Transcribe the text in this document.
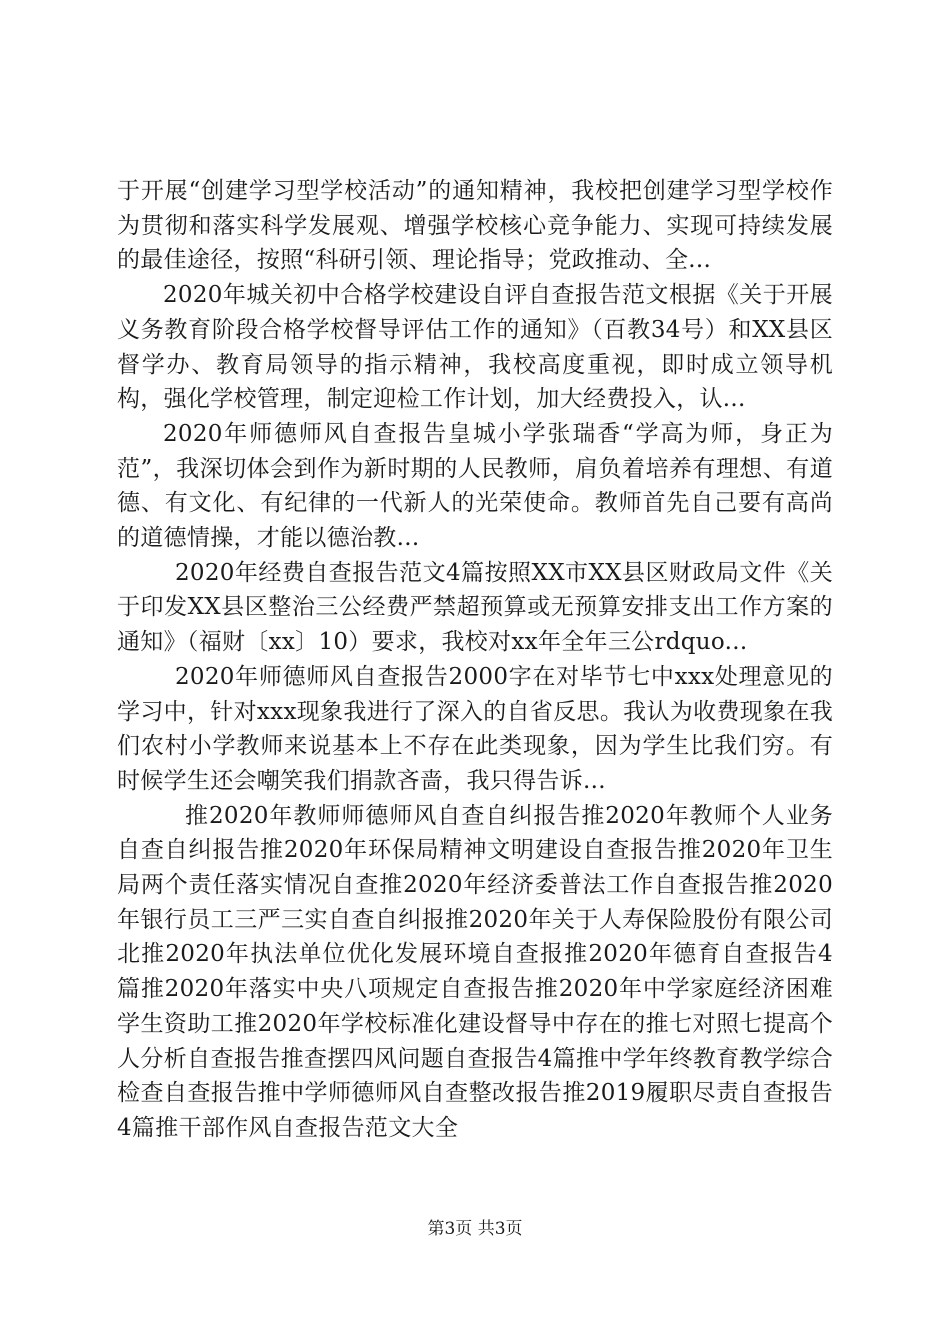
于开展“创建学习型学校活动”的通知精神，我校把创建学习型学校作为贯彻和落实科学发展观、增强学校核心竞争能力、实现可持续发展的最佳途径，按照“科研引领、理论指导；党政推动、全...

2020年城关初中合格学校建设自评自查报告范文根据《关于开展义务教育阶段合格学校督导评估工作的通知》（百教34号）和XX县区督学办、教育局领导的指示精神，我校高度重视，即时成立领导机构，强化学校管理，制定迎检工作计划，加大经费投入，认...

2020年师德师风自查报告皇城小学张瑞香“学高为师，身正为范”，我深切体会到作为新时期的人民教师，肩负着培养有理想、有道德、有文化、有纪律的一代新人的光荣使命。教师首先自己要有高尚的道德情操，才能以德治教...

2020年经费自查报告范文4篇按照XX市XX县区财政局文件《关于印发XX县区整治三公经费严禁超预算或无预算安排支出工作方案的通知》（福财〔xx〕10）要求，我校对xx年全年三公rdquo...

2020年师德师风自查报告2000字在对毕节七中xxx处理意见的学习中，针对xxx现象我进行了深入的自省反思。我认为收费现象在我们农村小学教师来说基本上不存在此类现象，因为学生比我们穷。有时候学生还会嘲笑我们捐款吝啬，我只得告诉...

推2020年教师师德师风自查自纠报告推2020年教师个人业务自查自纠报告推2020年环保局精神文明建设自查报告推2020年卫生局两个责任落实情况自查推2020年经济委普法工作自查报告推2020年银行员工三严三实自查自纠报推2020年关于人寿保险股份有限公司北推2020年执法单位优化发展环境自查报推2020年德育自查报告4篇推2020年落实中央八项规定自查报告推2020年中学家庭经济困难学生资助工推2020年学校标准化建设督导中存在的推七对照七提高个人分析自查报告推查摆四风问题自查报告4篇推中学年终教育教学综合检查自查报告推中学师德师风自查整改报告推2019履职尽责自查报告4篇推干部作风自查报告范文大全

第3页 共3页
